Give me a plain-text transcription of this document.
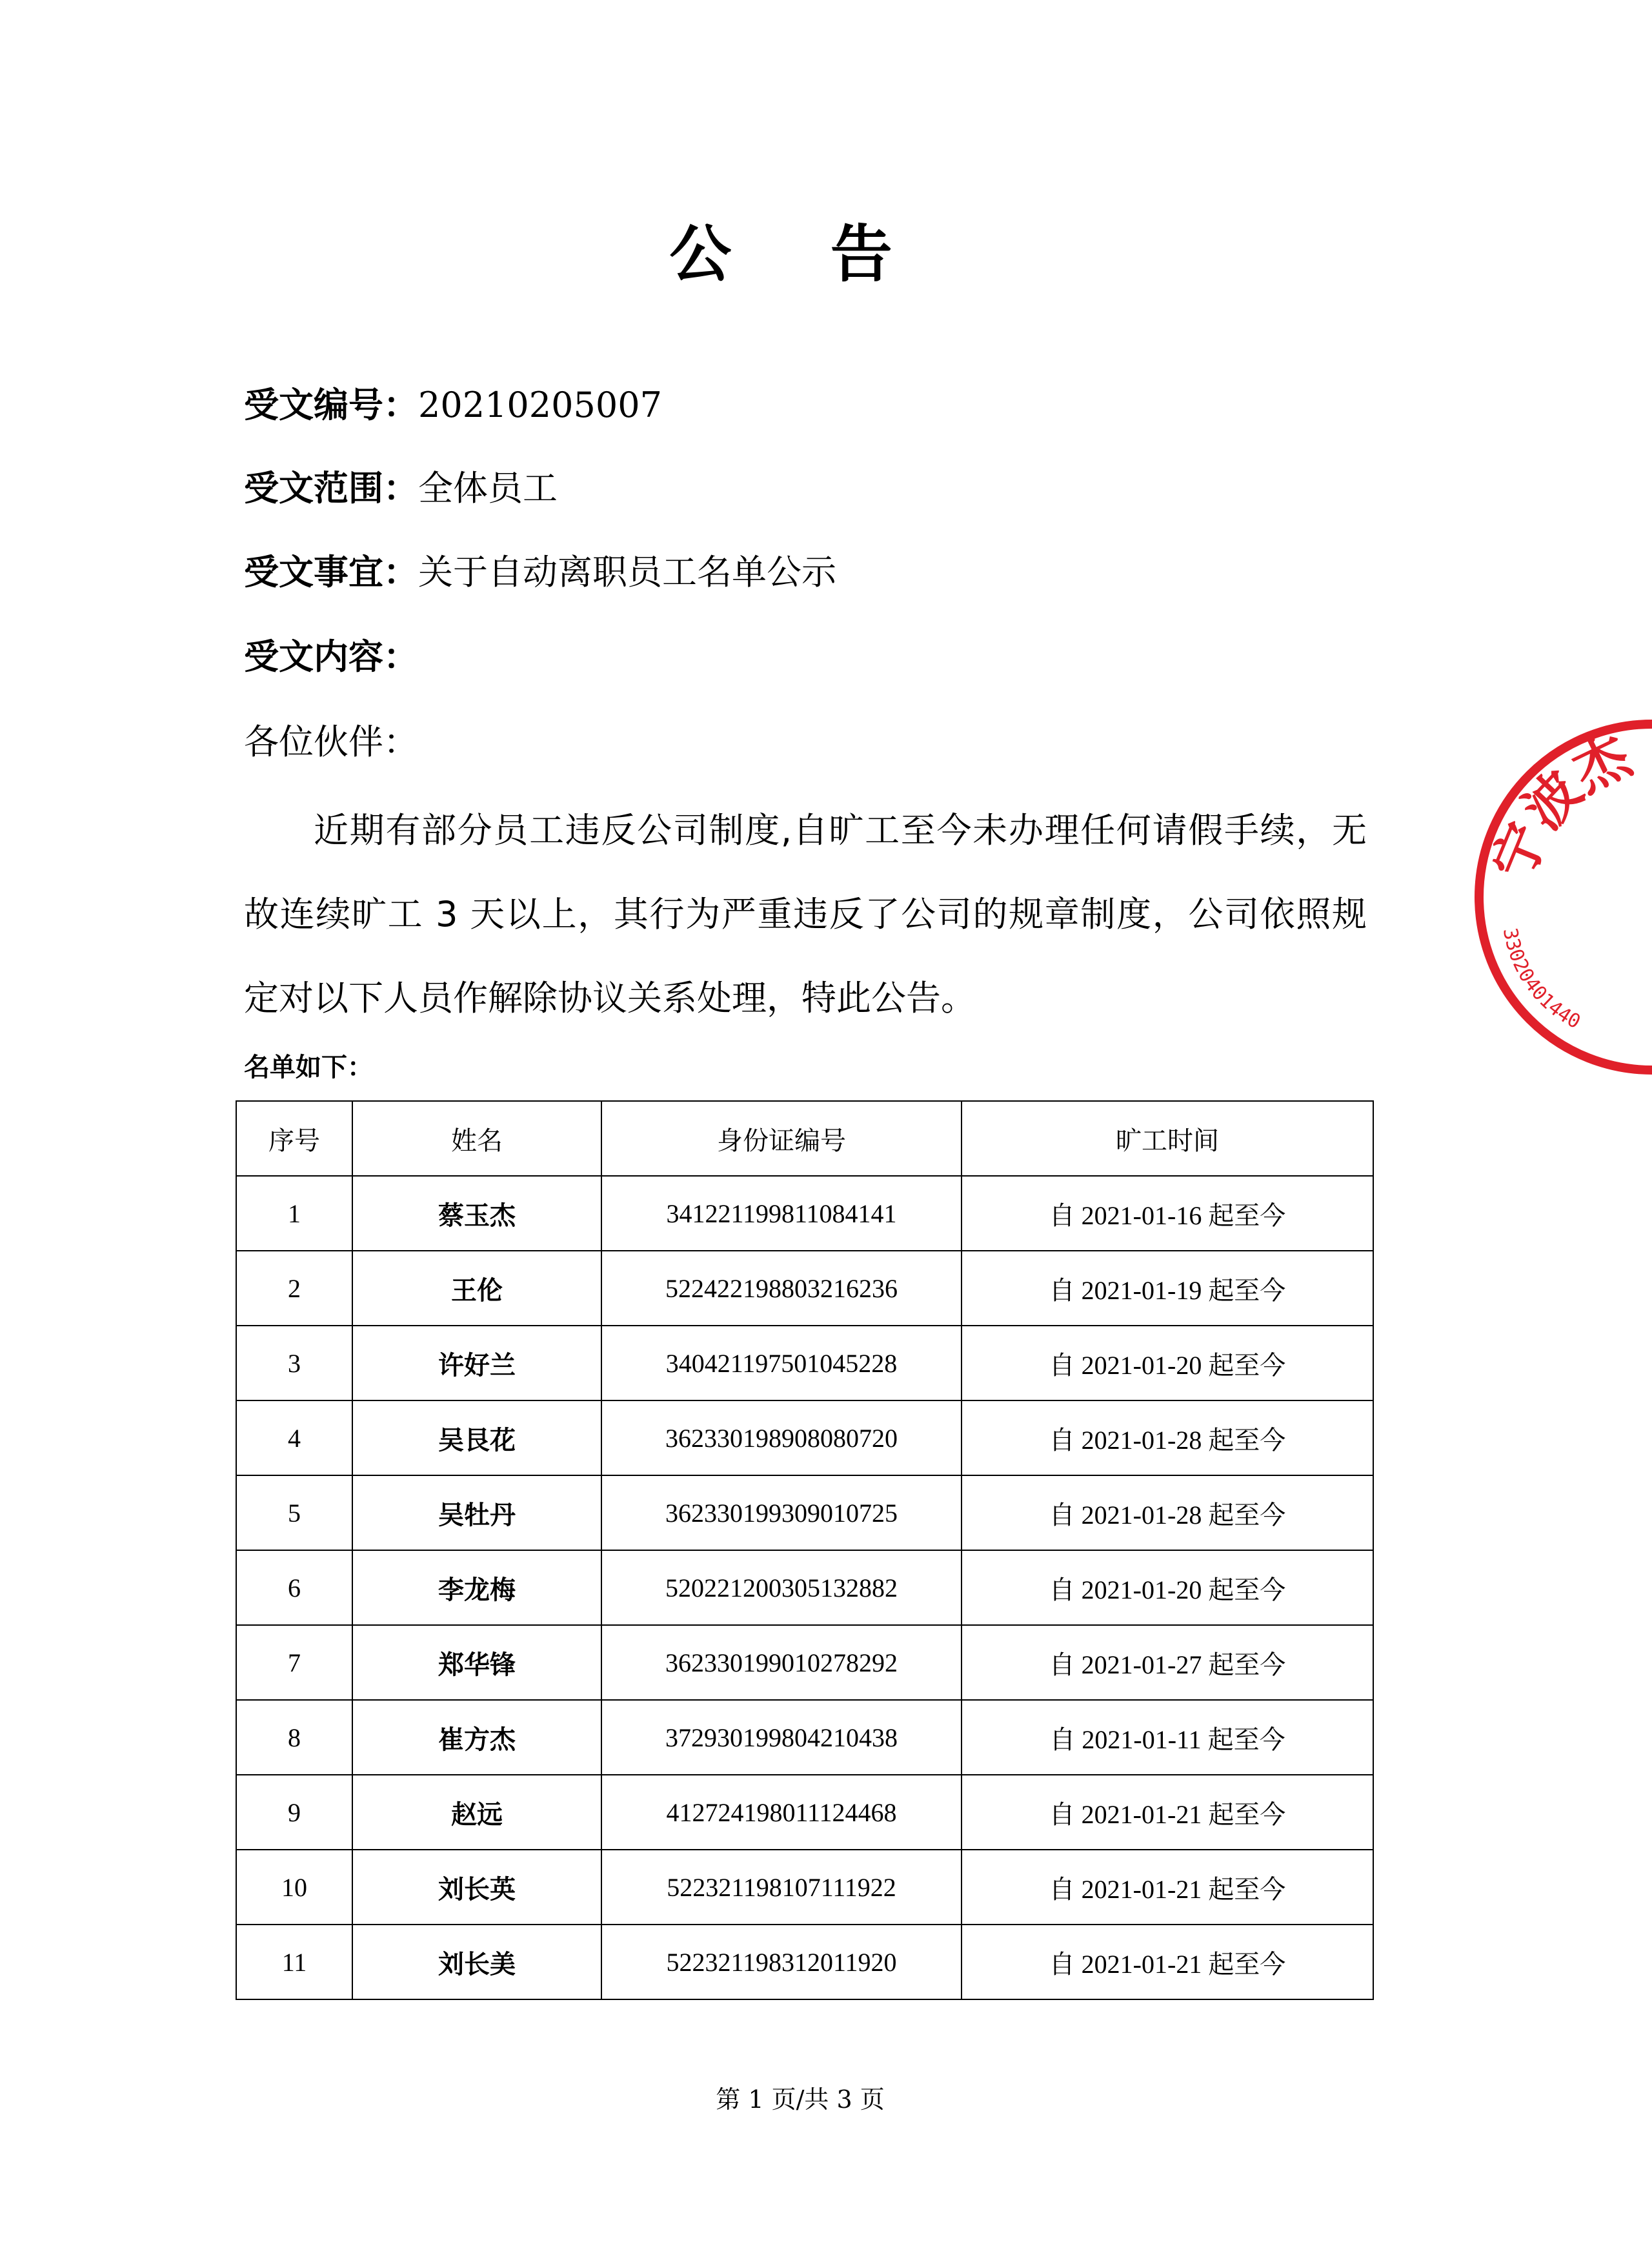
公 告
受文编号：20210205007
受文范围：全体员工
受文事宜：关于自动离职员工名单公示
受文内容：
各位伙伴：
近期有部分员工违反公司制度,自旷工至今未办理任何请假手续，无故连续旷工 3 天以上，其行为严重违反了公司的规章制度，公司依照规定对以下人员作解除协议关系处理，特此公告。
名单如下：
序号	姓名	身份证编号	旷工时间
1	蔡玉杰	341221199811084141	自 2021-01-16 起至今
2	王伦	522422198803216236	自 2021-01-19 起至今
3	许好兰	340421197501045228	自 2021-01-20 起至今
4	吴艮花	362330198908080720	自 2021-01-28 起至今
5	吴牡丹	362330199309010725	自 2021-01-28 起至今
6	李龙梅	520221200305132882	自 2021-01-20 起至今
7	郑华锋	362330199010278292	自 2021-01-27 起至今
8	崔方杰	372930199804210438	自 2021-01-11 起至今
9	赵远	412724198011124468	自 2021-01-21 起至今
10	刘长英	522321198107111922	自 2021-01-21 起至今
11	刘长美	522321198312011920	自 2021-01-21 起至今
第 1 页/共 3 页
宁波杰
33020401440
